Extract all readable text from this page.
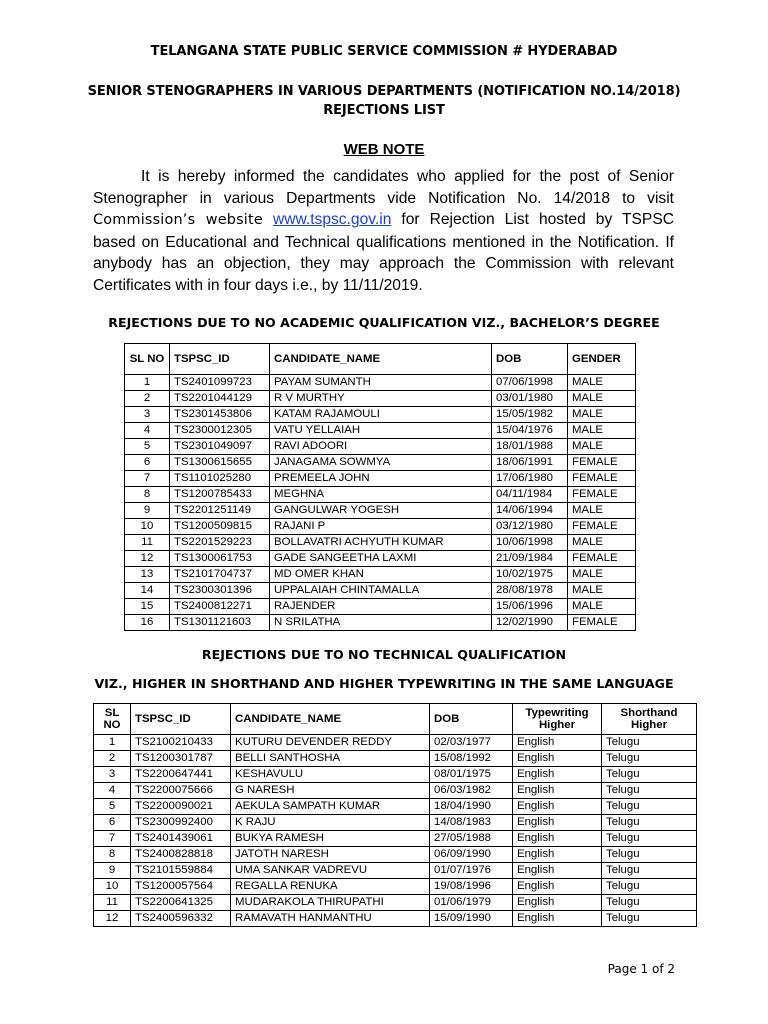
TELANGANA STATE PUBLIC SERVICE COMMISSION # HYDERABAD
SENIOR STENOGRAPHERS IN VARIOUS DEPARTMENTS (NOTIFICATION NO.14/2018)
REJECTIONS LIST
WEB NOTE
It is hereby informed the candidates who applied for the post of Senior Stenographer in various Departments vide Notification No. 14/2018 to visit Commission’s website www.tspsc.gov.in for Rejection List hosted by TSPSC based on Educational and Technical qualifications mentioned in the Notification. If anybody has an objection, they may approach the Commission with relevant Certificates with in four days i.e., by 11/11/2019.
REJECTIONS DUE TO NO ACADEMIC QUALIFICATION VIZ., BACHELOR’S DEGREE
SL NO	TSPSC_ID	CANDIDATE_NAME	DOB	GENDER
1	TS2401099723	PAYAM SUMANTH	07/06/1998	MALE
2	TS2201044129	R V MURTHY	03/01/1980	MALE
3	TS2301453806	KATAM RAJAMOULI	15/05/1982	MALE
4	TS2300012305	VATU YELLAIAH	15/04/1976	MALE
5	TS2301049097	RAVI ADOORI	18/01/1988	MALE
6	TS1300615655	JANAGAMA SOWMYA	18/06/1991	FEMALE
7	TS1101025280	PREMEELA JOHN	17/06/1980	FEMALE
8	TS1200785433	MEGHNA	04/11/1984	FEMALE
9	TS2201251149	GANGULWAR YOGESH	14/06/1994	MALE
10	TS1200509815	RAJANI P	03/12/1980	FEMALE
11	TS2201529223	BOLLAVATRI ACHYUTH KUMAR	10/06/1998	MALE
12	TS1300061753	GADE SANGEETHA LAXMI	21/09/1984	FEMALE
13	TS2101704737	MD OMER KHAN	10/02/1975	MALE
14	TS2300301396	UPPALAIAH CHINTAMALLA	28/08/1978	MALE
15	TS2400812271	RAJENDER	15/06/1996	MALE
16	TS1301121603	N SRILATHA	12/02/1990	FEMALE
REJECTIONS DUE TO NO TECHNICAL QUALIFICATION
VIZ., HIGHER IN SHORTHAND AND HIGHER TYPEWRITING IN THE SAME LANGUAGE
SL NO	TSPSC_ID	CANDIDATE_NAME	DOB	Typewriting Higher	Shorthand Higher
1	TS2100210433	KUTURU DEVENDER REDDY	02/03/1977	English	Telugu
2	TS1200301787	BELLI SANTHOSHA	15/08/1992	English	Telugu
3	TS2200647441	KESHAVULU	08/01/1975	English	Telugu
4	TS2200075666	G NARESH	06/03/1982	English	Telugu
5	TS2200090021	AEKULA SAMPATH KUMAR	18/04/1990	English	Telugu
6	TS2300992400	K RAJU	14/08/1983	English	Telugu
7	TS2401439061	BUKYA RAMESH	27/05/1988	English	Telugu
8	TS2400828818	JATOTH NARESH	06/09/1990	English	Telugu
9	TS2101559884	UMA SANKAR VADREVU	01/07/1976	English	Telugu
10	TS1200057564	REGALLA RENUKA	19/08/1996	English	Telugu
11	TS2200641325	MUDARAKOLA THIRUPATHI	01/06/1979	English	Telugu
12	TS2400596332	RAMAVATH HANMANTHU	15/09/1990	English	Telugu
Page 1 of 2
